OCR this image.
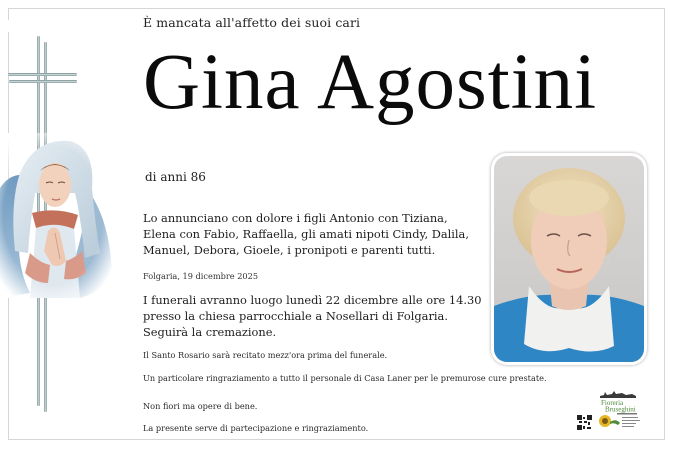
È mancata all'affetto dei suoi cari
Gina Agostini
di anni 86
Lo annunciano con dolore i figli Antonio con Tiziana, Elena con Fabio, Raffaella, gli amati nipoti Cindy, Dalila, Manuel, Debora, Gioele, i pronipoti e parenti tutti.
Folgaria, 19 dicembre 2025
I funerali avranno luogo lunedì 22 dicembre alle ore 14.30 presso la chiesa parrocchiale a Nosellari di Folgaria. Seguirà la cremazione.
Il Santo Rosario sarà recitato mezz'ora prima del funerale.
Un particolare ringraziamento a tutto il personale di Casa Laner per le premurose cure prestate.
Non fiori ma opere di bene.
La presente serve di partecipazione e ringraziamento.
Fioreria
Bruseghini
